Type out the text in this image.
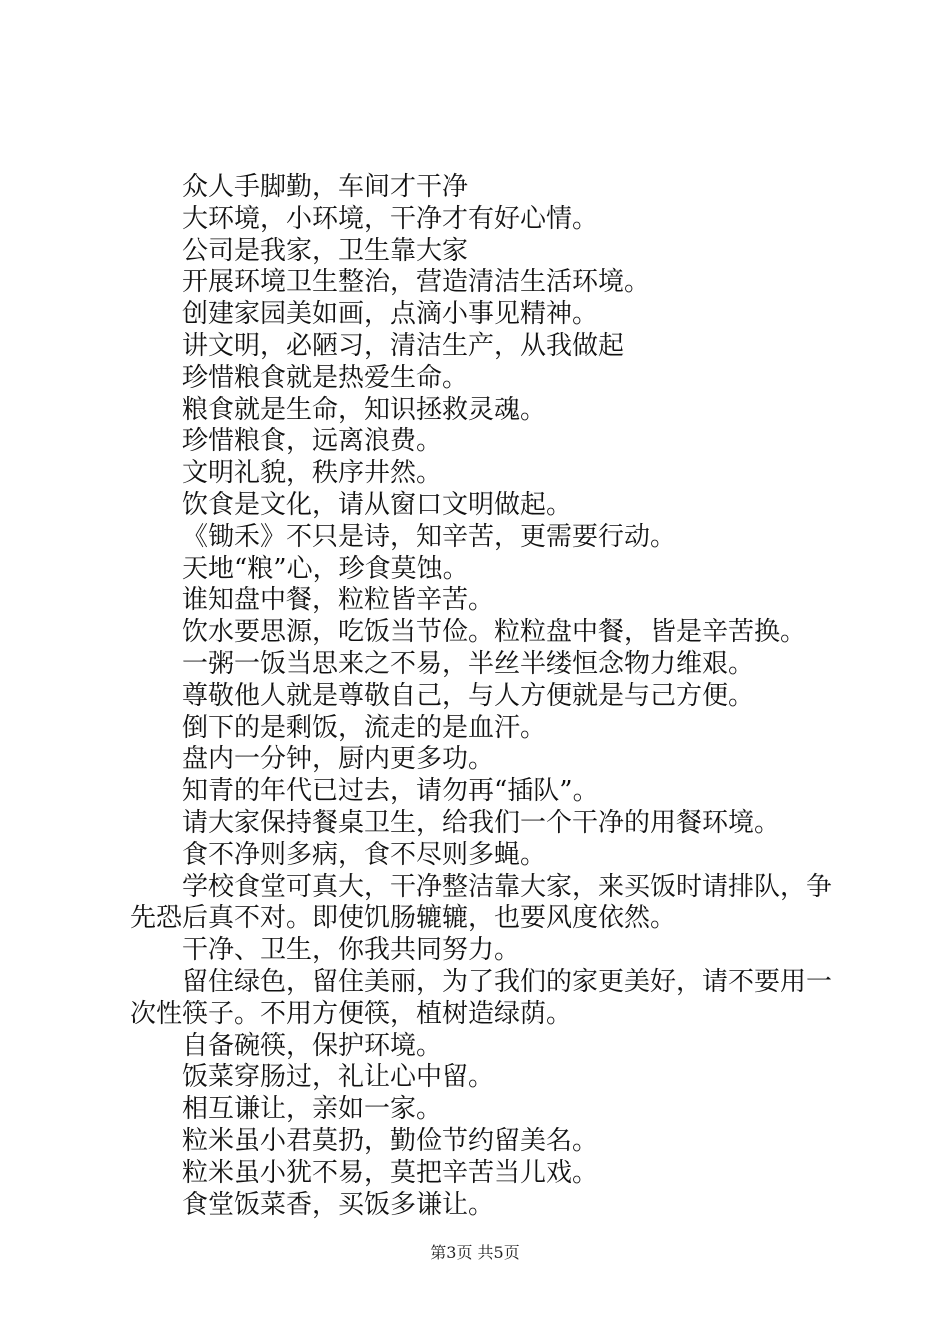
众人手脚勤，车间才干净

大环境，小环境，干净才有好心情。

公司是我家，卫生靠大家

开展环境卫生整治，营造清洁生活环境。

创建家园美如画，点滴小事见精神。

讲文明，必陋习，清洁生产，从我做起

珍惜粮食就是热爱生命。

粮食就是生命，知识拯救灵魂。

珍惜粮食，远离浪费。

文明礼貌，秩序井然。

饮食是文化，请从窗口文明做起。

《锄禾》不只是诗，知辛苦，更需要行动。

天地“粮”心，珍食莫蚀。

谁知盘中餐，粒粒皆辛苦。

饮水要思源，吃饭当节俭。粒粒盘中餐，皆是辛苦换。

一粥一饭当思来之不易，半丝半缕恒念物力维艰。

尊敬他人就是尊敬自己，与人方便就是与己方便。

倒下的是剩饭，流走的是血汗。

盘内一分钟，厨内更多功。

知青的年代已过去，请勿再“插队”。

请大家保持餐桌卫生，给我们一个干净的用餐环境。

食不净则多病，食不尽则多蝇。

学校食堂可真大，干净整洁靠大家，来买饭时请排队，争先恐后真不对。即使饥肠辘辘，也要风度依然。

干净、卫生，你我共同努力。

留住绿色，留住美丽，为了我们的家更美好，请不要用一次性筷子。不用方便筷，植树造绿荫。

自备碗筷，保护环境。

饭菜穿肠过，礼让心中留。

相互谦让，亲如一家。

粒米虽小君莫扔，勤俭节约留美名。

粒米虽小犹不易，莫把辛苦当儿戏。

食堂饭菜香，买饭多谦让。

第3页 共5页
